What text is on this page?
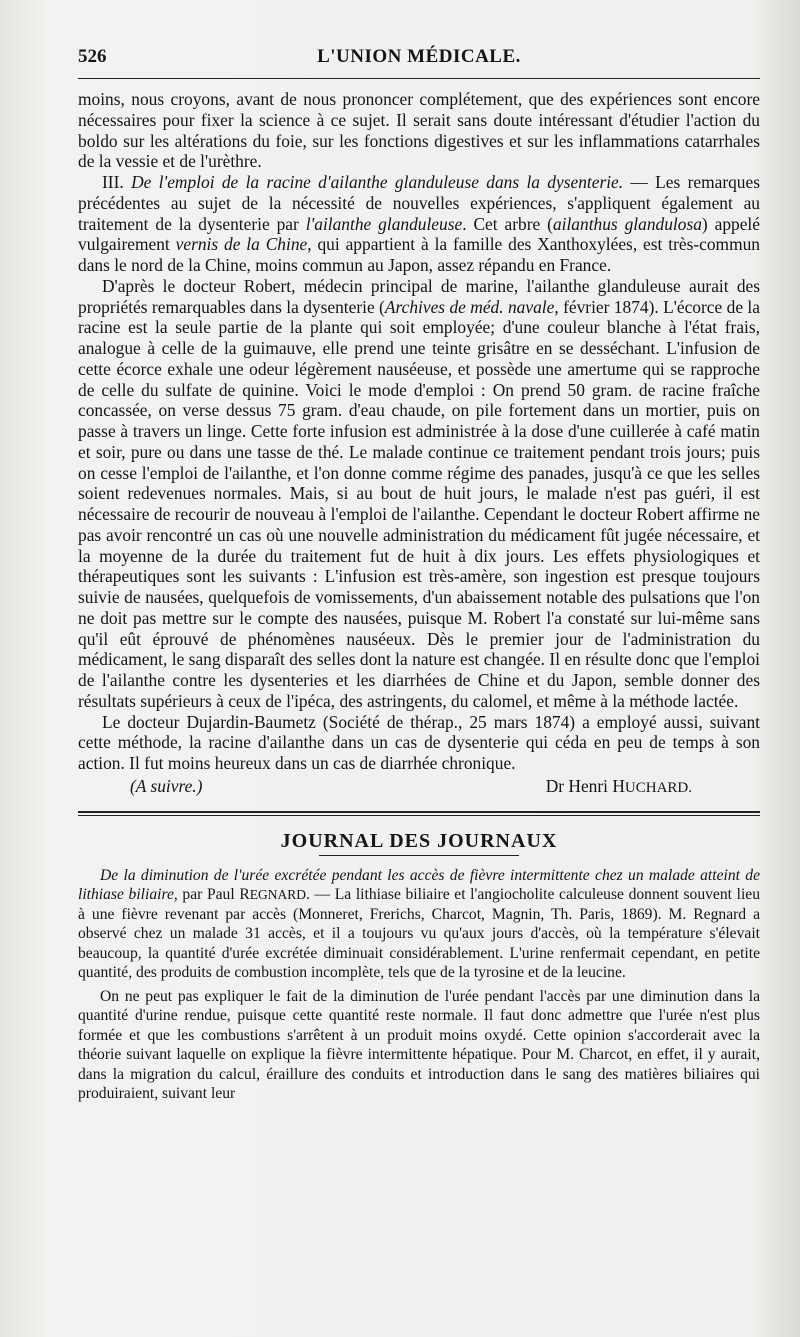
526	L'UNION MÉDICALE.

moins, nous croyons, avant de nous prononcer complétement, que des expériences sont encore nécessaires pour fixer la science à ce sujet. Il serait sans doute intéressant d'étudier l'action du boldo sur les altérations du foie, sur les fonctions digestives et sur les inflammations catarrhales de la vessie et de l'urèthre.

III. De l'emploi de la racine d'ailanthe glanduleuse dans la dysenterie. — Les remarques précédentes au sujet de la nécessité de nouvelles expériences, s'appliquent également au traitement de la dysenterie par l'ailanthe glanduleuse. Cet arbre (ailanthus glandulosa) appelé vulgairement vernis de la Chine, qui appartient à la famille des Xanthoxylées, est très-commun dans le nord de la Chine, moins commun au Japon, assez répandu en France.

D'après le docteur Robert, médecin principal de marine, l'ailanthe glanduleuse aurait des propriétés remarquables dans la dysenterie (Archives de méd. navale, février 1874). L'écorce de la racine est la seule partie de la plante qui soit employée; d'une couleur blanche à l'état frais, analogue à celle de la guimauve, elle prend une teinte grisâtre en se desséchant. L'infusion de cette écorce exhale une odeur légèrement nauséeuse, et possède une amertume qui se rapproche de celle du sulfate de quinine. Voici le mode d'emploi : On prend 50 gram. de racine fraîche concassée, on verse dessus 75 gram. d'eau chaude, on pile fortement dans un mortier, puis on passe à travers un linge. Cette forte infusion est administrée à la dose d'une cuillerée à café matin et soir, pure ou dans une tasse de thé. Le malade continue ce traitement pendant trois jours; puis on cesse l'emploi de l'ailanthe, et l'on donne comme régime des panades, jusqu'à ce que les selles soient redevenues normales. Mais, si au bout de huit jours, le malade n'est pas guéri, il est nécessaire de recourir de nouveau à l'emploi de l'ailanthe. Cependant le docteur Robert affirme ne pas avoir rencontré un cas où une nouvelle administration du médicament fût jugée nécessaire, et la moyenne de la durée du traitement fut de huit à dix jours. Les effets physiologiques et thérapeutiques sont les suivants : L'infusion est très-amère, son ingestion est presque toujours suivie de nausées, quelquefois de vomissements, d'un abaissement notable des pulsations que l'on ne doit pas mettre sur le compte des nausées, puisque M. Robert l'a constaté sur lui-même sans qu'il eût éprouvé de phénomènes nauséeux. Dès le premier jour de l'administration du médicament, le sang disparaît des selles dont la nature est changée. Il en résulte donc que l'emploi de l'ailanthe contre les dysenteries et les diarrhées de Chine et du Japon, semble donner des résultats supérieurs à ceux de l'ipéca, des astringents, du calomel, et même à la méthode lactée.

Le docteur Dujardin-Baumetz (Société de thérap., 25 mars 1874) a employé aussi, suivant cette méthode, la racine d'ailanthe dans un cas de dysenterie qui céda en peu de temps à son action. Il fut moins heureux dans un cas de diarrhée chronique.

(A suivre.)	Dr Henri HUCHARD.
JOURNAL DES JOURNAUX

De la diminution de l'urée excrétée pendant les accès de fièvre intermittente chez un malade atteint de lithiase biliaire, par Paul REGNARD. — La lithiase biliaire et l'angiocholite calculeuse donnent souvent lieu à une fièvre revenant par accès (Monneret, Frerichs, Charcot, Magnin, Th. Paris, 1869). M. Regnard a observé chez un malade 31 accès, et il a toujours vu qu'aux jours d'accès, où la température s'élevait beaucoup, la quantité d'urée excrétée diminuait considérablement. L'urine renfermait cependant, en petite quantité, des produits de combustion incomplète, tels que de la tyrosine et de la leucine.

On ne peut pas expliquer le fait de la diminution de l'urée pendant l'accès par une diminution dans la quantité d'urine rendue, puisque cette quantité reste normale. Il faut donc admettre que l'urée n'est plus formée et que les combustions s'arrêtent à un produit moins oxydé. Cette opinion s'accorderait avec la théorie suivant laquelle on explique la fièvre intermittente hépatique. Pour M. Charcot, en effet, il y aurait, dans la migration du calcul, éraillure des conduits et introduction dans le sang des matières biliaires qui produiraient, suivant leur
